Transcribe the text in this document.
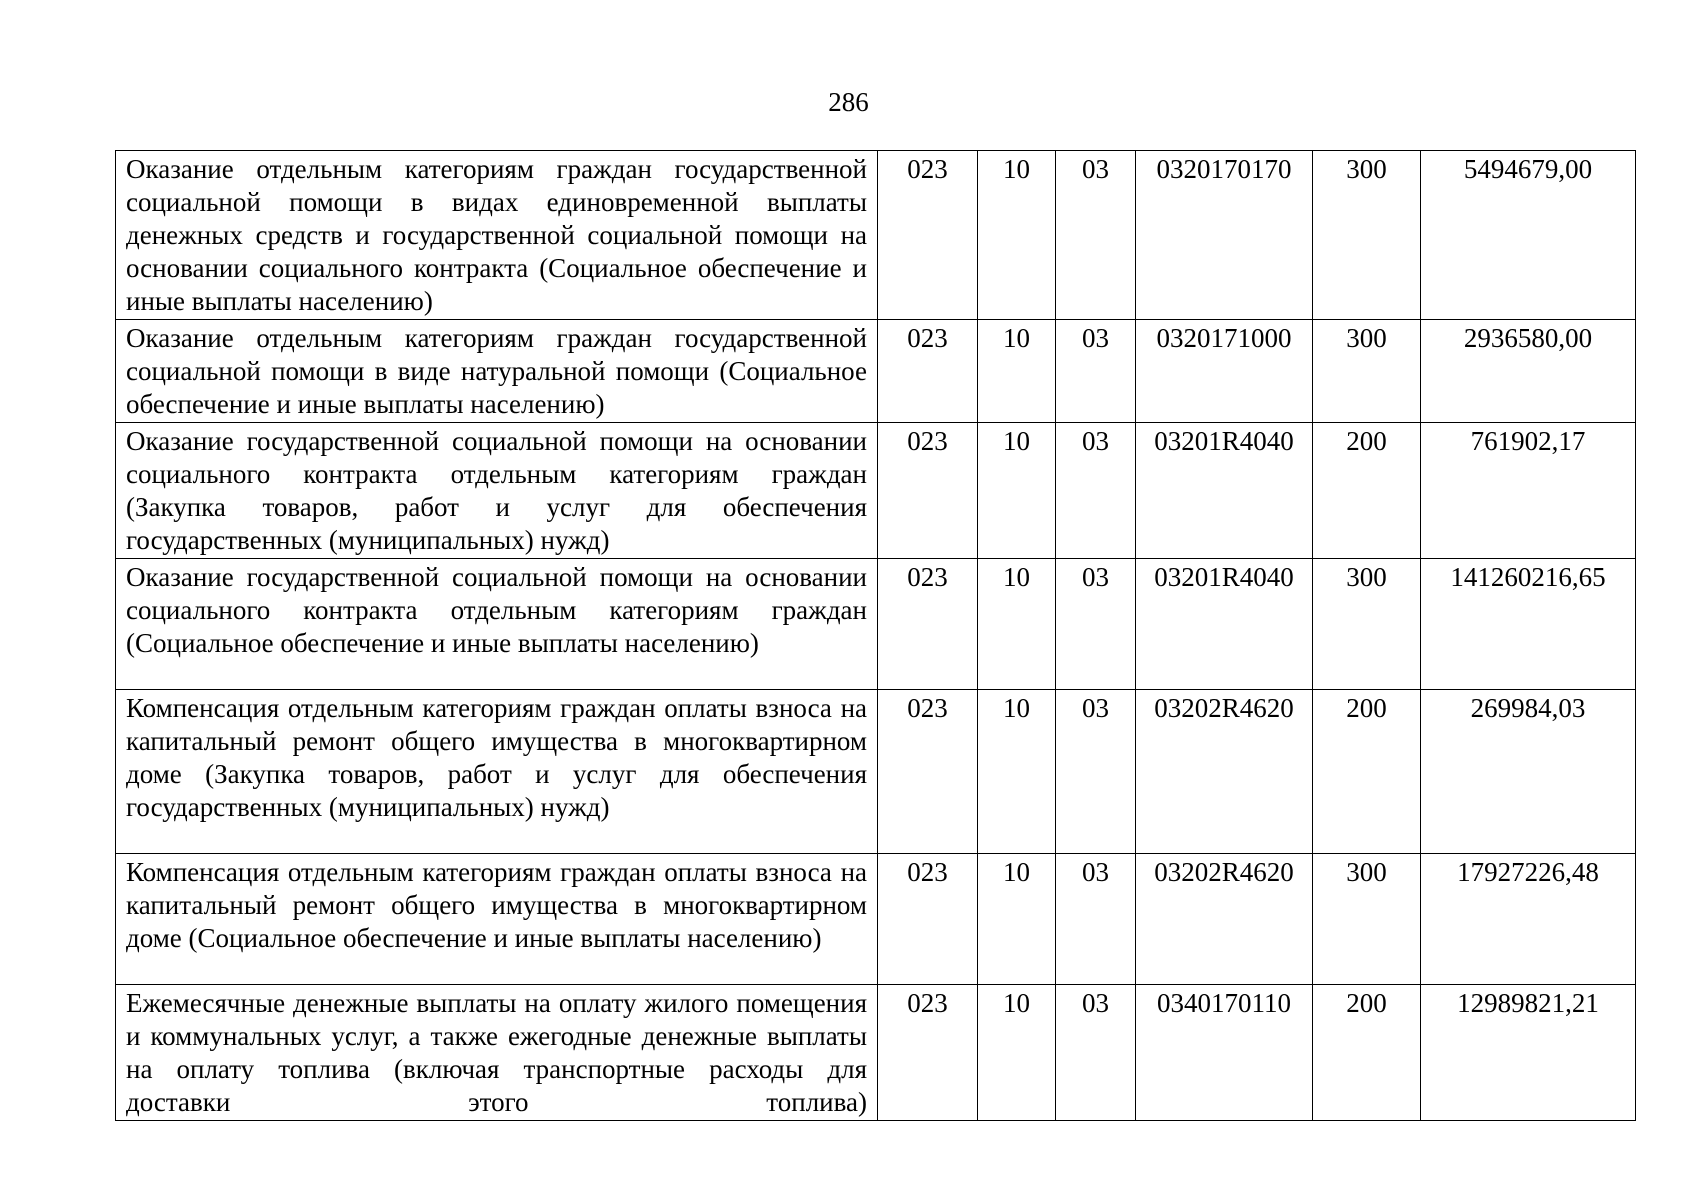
286
Оказание отдельным категориям граждан государственной социальной помощи в видах единовременной выплаты денежных средств и государственной социальной помощи на основании социального контракта (Социальное обеспечение и иные выплаты населению)	023	10	03	0320170170	300	5494679,00
Оказание отдельным категориям граждан государственной социальной помощи в виде натуральной помощи (Социальное обеспечение и иные выплаты населению)	023	10	03	0320171000	300	2936580,00
Оказание государственной социальной помощи на основании социального контракта отдельным категориям граждан (Закупка товаров, работ и услуг для обеспечения государственных (муниципальных) нужд)	023	10	03	03201R4040	200	761902,17
Оказание государственной социальной помощи на основании социального контракта отдельным категориям граждан (Социальное обеспечение и иные выплаты населению)	023	10	03	03201R4040	300	141260216,65
Компенсация отдельным категориям граждан оплаты взноса на капитальный ремонт общего имущества в многоквартирном доме (Закупка товаров, работ и услуг для обеспечения государственных (муниципальных) нужд)	023	10	03	03202R4620	200	269984,03
Компенсация отдельным категориям граждан оплаты взноса на капитальный ремонт общего имущества в многоквартирном доме (Социальное обеспечение и иные выплаты населению)	023	10	03	03202R4620	300	17927226,48
Ежемесячные денежные выплаты на оплату жилого помещения и коммунальных услуг, а также ежегодные денежные выплаты на оплату топлива (включая транспортные расходы для доставки этого топлива)	023	10	03	0340170110	200	12989821,21
